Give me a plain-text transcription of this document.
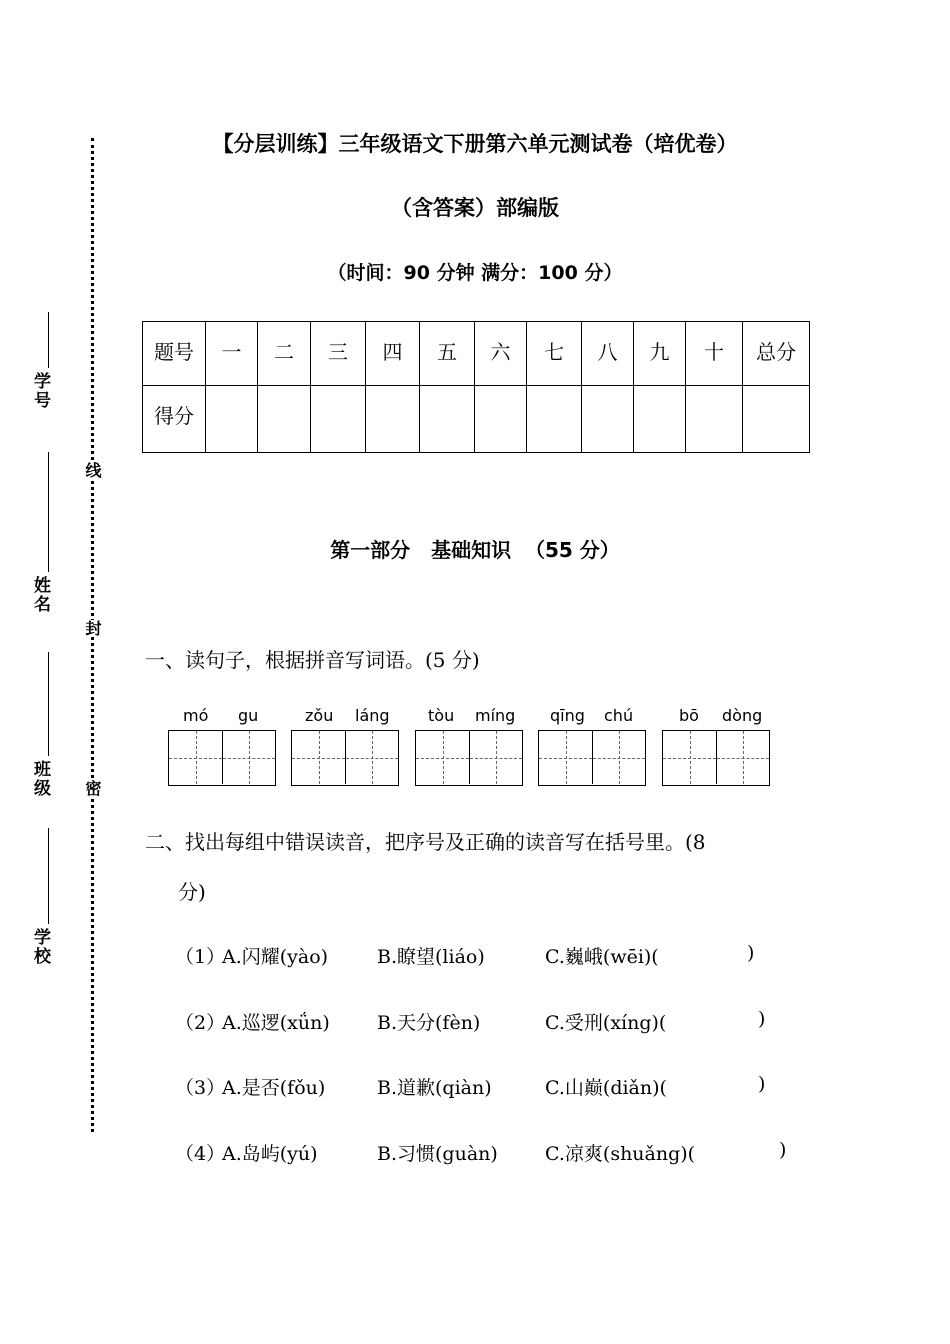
【分层训练】三年级语文下册第六单元测试卷（培优卷）
（含答案）部编版
（时间：90 分钟 满分：100 分）
线
封
密
学号
姓名
班级
学校
题号	一	二	三	四	五	六	七	八	九	十	总分
得分											
第一部分   基础知识  （55 分）
一、读句子，根据拼音写词语。(5 分)
mó gu	zǒu láng tòu míng qīng chú	bō dòng
二、找出每组中错误读音，把序号及正确的读音写在括号里。(8
分)
（1）
A.闪耀(yào)	B.瞭望(liáo)	C.巍峨(wēi)(	)
（2）
A.巡逻(xǘn) B.天分(fèn)	C.受刑(xíng)(	)
（3）
A.是否(fǒu)	B.道歉(qiàn)	C.山巅(diǎn)(	)
（4）
A.岛屿(yú)	B.习惯(guàn) C.凉爽(shuǎng)(	)
